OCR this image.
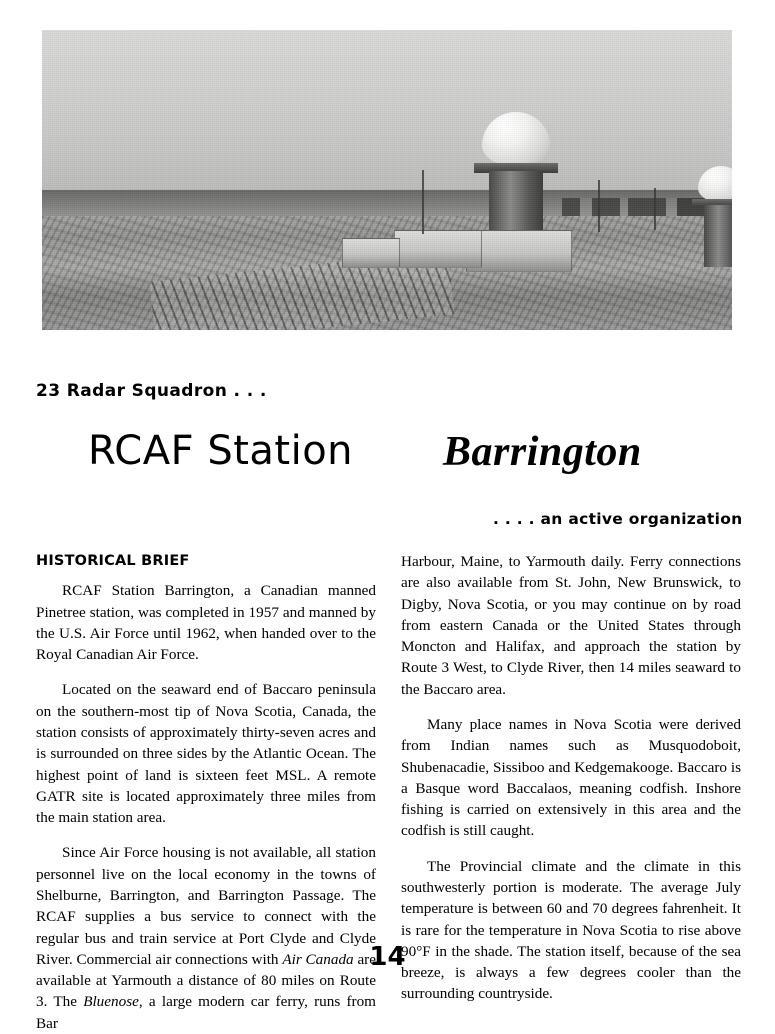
23 Radar Squadron . . .
RCAF Station Barrington
. . . . an active organization
HISTORICAL BRIEF

RCAF Station Barrington, a Canadian manned Pinetree station, was completed in 1957 and manned by the U.S. Air Force until 1962, when handed over to the Royal Canadian Air Force.

Located on the seaward end of Baccaro peninsula on the southern-most tip of Nova Scotia, Canada, the station consists of approximately thirty-seven acres and is surrounded on three sides by the Atlantic Ocean. The highest point of land is sixteen feet MSL. A remote GATR site is located approximately three miles from the main station area.

Since Air Force housing is not available, all station personnel live on the local economy in the towns of Shelburne, Barrington, and Barrington Passage. The RCAF supplies a bus service to connect with the regular bus and train service at Port Clyde and Clyde River. Commercial air connections with Air Canada are available at Yarmouth a distance of 80 miles on Route 3. The Bluenose, a large modern car ferry, runs from Bar

Harbour, Maine, to Yarmouth daily. Ferry connections are also available from St. John, New Brunswick, to Digby, Nova Scotia, or you may continue on by road from eastern Canada or the United States through Moncton and Halifax, and approach the station by Route 3 West, to Clyde River, then 14 miles seaward to the Baccaro area.

Many place names in Nova Scotia were derived from Indian names such as Musquodoboit, Shubenacadie, Sissiboo and Kedgemakooge. Baccaro is a Basque word Baccalaos, meaning codfish. Inshore fishing is carried on extensively in this area and the codfish is still caught.

The Provincial climate and the climate in this southwesterly portion is moderate. The average July temperature is between 60 and 70 degrees fahrenheit. It is rare for the temperature in Nova Scotia to rise above 90°F in the shade. The station itself, because of the sea breeze, is always a few degrees cooler than the surrounding countryside.

14
